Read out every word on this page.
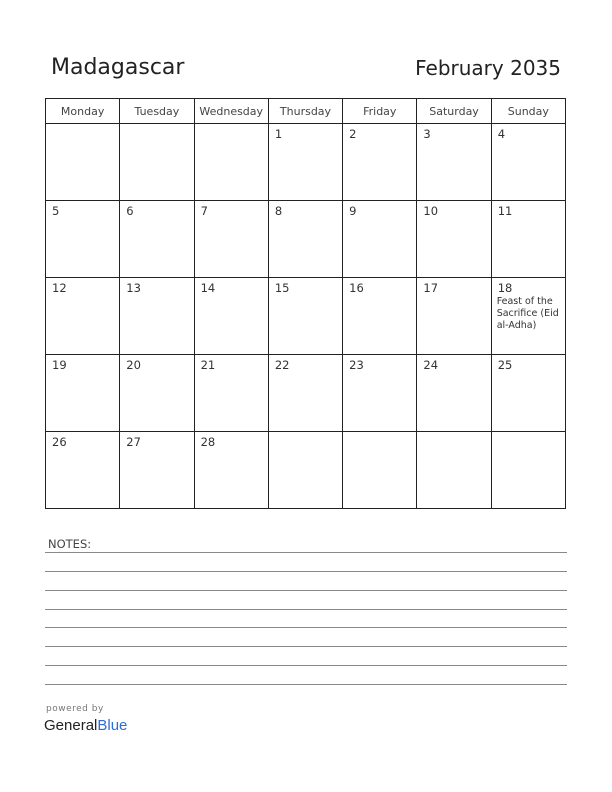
Madagascar	February 2035
Monday	Tuesday	Wednesday	Thursday	Friday	Saturday	Sunday

			1	2	3	4

5	6	7	8	9	10	11

12	13	14	15	16	17	18
Feast of the Sacrifice (Eid al-Adha)

19	20	21	22	23	24	25

26	27	28				

NOTES:
powered by
GeneralBlue
